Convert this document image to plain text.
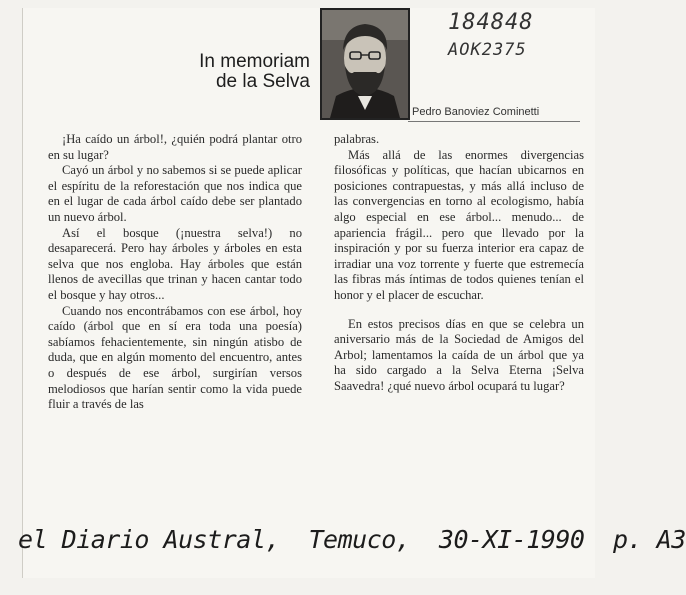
In memoriam
de la Selva
184848
AOK2375
Pedro Banoviez Cominetti

¡Ha caído un árbol!, ¿quién podrá plantar otro en su lugar?

Cayó un árbol y no sabemos si se puede aplicar el espíritu de la reforestación que nos indica que en el lugar de cada árbol caído debe ser plantado un nuevo árbol.

Así el bosque (¡nuestra selva!) no desaparecerá. Pero hay árboles y árboles en esta selva que nos engloba. Hay árboles que están llenos de avecillas que trinan y hacen cantar todo el bosque y hay otros...

Cuando nos encontrábamos con ese árbol, hoy caído (árbol que en sí era toda una poesía) sabíamos fehacientemente, sin ningún atisbo de duda, que en algún momento del encuentro, antes o después de ese árbol, surgirían versos melodiosos que harían sentir como la vida puede fluir a través de las

palabras.

Más allá de las enormes divergencias filosóficas y políticas, que hacían ubicarnos en posiciones contrapuestas, y más allá incluso de las convergencias en torno al ecologismo, había algo especial en ese árbol... menudo... de apariencia frágil... pero que llevado por la inspiración y por su fuerza interior era capaz de irradiar una voz torrente y fuerte que estremecía las fibras más íntimas de todos quienes tenían el honor y el placer de escuchar.

En estos precisos días en que se celebra un aniversario más de la Sociedad de Amigos del Arbol; lamentamos la caída de un árbol que ya ha sido cargado a la Selva Eterna ¡Selva Saavedra! ¿qué nuevo árbol ocupará tu lugar?

el Diario Austral, Temuco, 30-XI-1990 p. A3
